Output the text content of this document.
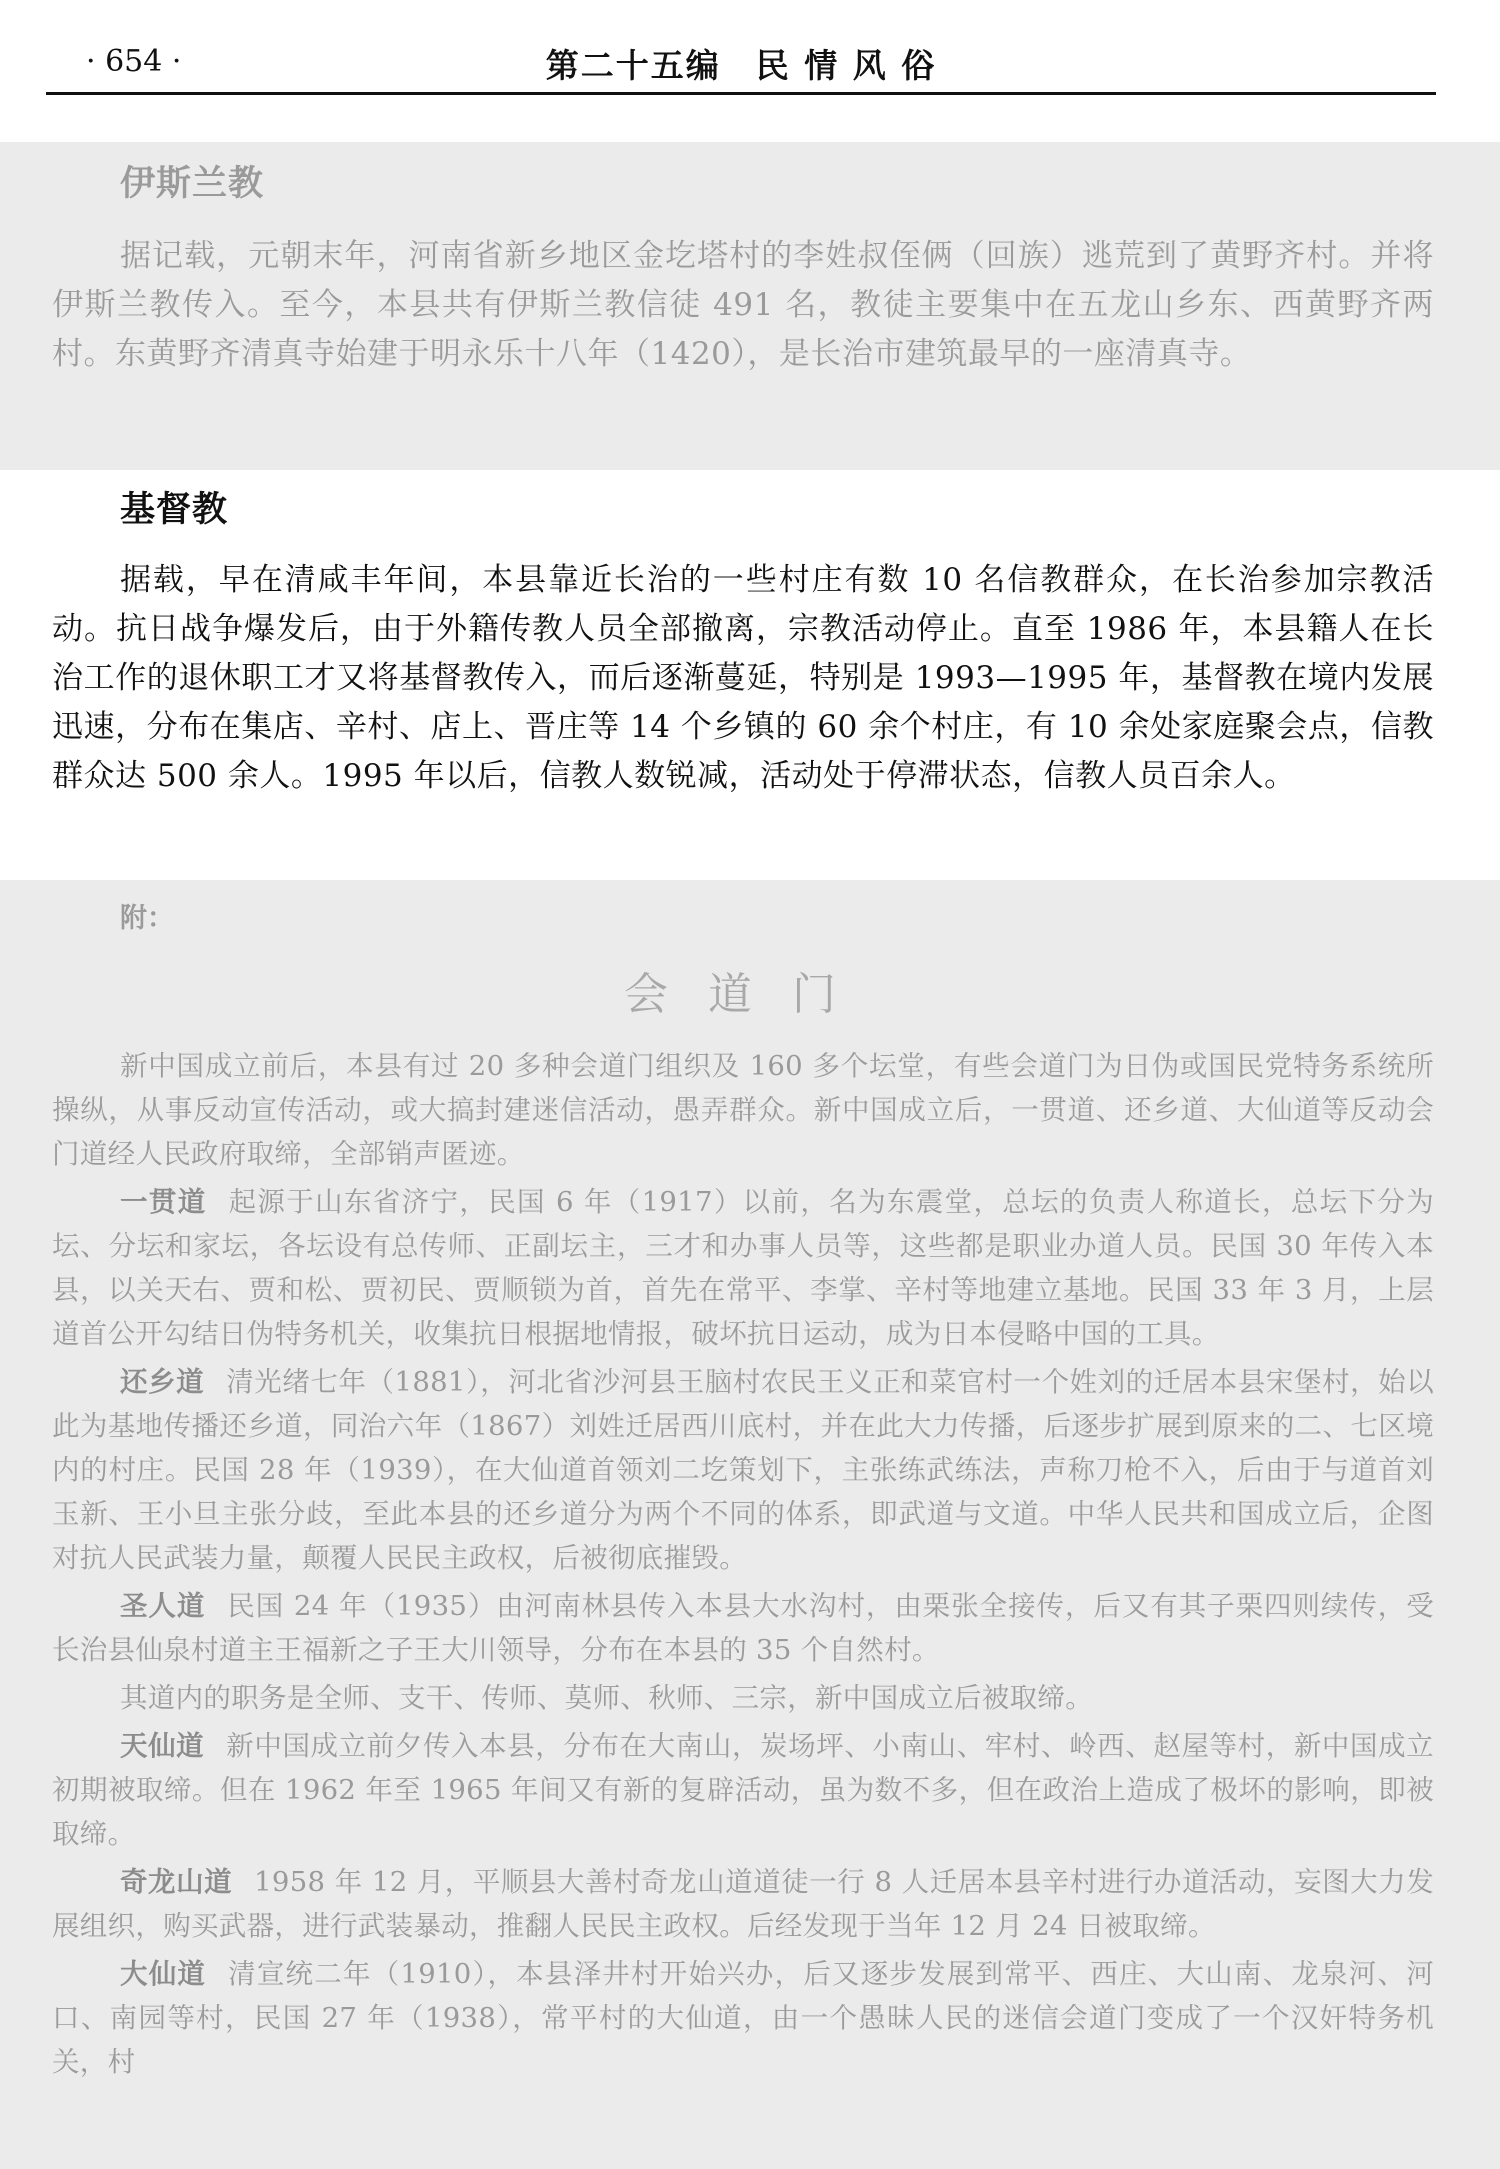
· 654 ·	第二十五编　民 情 风 俗
伊斯兰教

据记载，元朝末年，河南省新乡地区金圪塔村的李姓叔侄俩（回族）逃荒到了黄野齐村。并将伊斯兰教传入。至今，本县共有伊斯兰教信徒 491 名，教徒主要集中在五龙山乡东、西黄野齐两村。东黄野齐清真寺始建于明永乐十八年（1420），是长治市建筑最早的一座清真寺。

基督教

据载，早在清咸丰年间，本县靠近长治的一些村庄有数 10 名信教群众，在长治参加宗教活动。抗日战争爆发后，由于外籍传教人员全部撤离，宗教活动停止。直至 1986 年，本县籍人在长治工作的退休职工才又将基督教传入，而后逐渐蔓延，特别是 1993—1995 年，基督教在境内发展迅速，分布在集店、辛村、店上、晋庄等 14 个乡镇的 60 余个村庄，有 10 余处家庭聚会点，信教群众达 500 余人。1995 年以后，信教人数锐减，活动处于停滞状态，信教人员百余人。

附：
会道门

新中国成立前后，本县有过 20 多种会道门组织及 160 多个坛堂，有些会道门为日伪或国民党特务系统所操纵，从事反动宣传活动，或大搞封建迷信活动，愚弄群众。新中国成立后，一贯道、还乡道、大仙道等反动会门道经人民政府取缔，全部销声匿迹。

一贯道 起源于山东省济宁，民国 6 年（1917）以前，名为东震堂，总坛的负责人称道长，总坛下分为坛、分坛和家坛，各坛设有总传师、正副坛主，三才和办事人员等，这些都是职业办道人员。民国 30 年传入本县，以关天右、贾和松、贾初民、贾顺锁为首，首先在常平、李掌、辛村等地建立基地。民国 33 年 3 月，上层道首公开勾结日伪特务机关，收集抗日根据地情报，破坏抗日运动，成为日本侵略中国的工具。

还乡道 清光绪七年（1881），河北省沙河县王脑村农民王义正和菜官村一个姓刘的迁居本县宋堡村，始以此为基地传播还乡道，同治六年（1867）刘姓迁居西川底村，并在此大力传播，后逐步扩展到原来的二、七区境内的村庄。民国 28 年（1939），在大仙道首领刘二圪策划下，主张练武练法，声称刀枪不入，后由于与道首刘玉新、王小旦主张分歧，至此本县的还乡道分为两个不同的体系，即武道与文道。中华人民共和国成立后，企图对抗人民武装力量，颠覆人民民主政权，后被彻底摧毁。

圣人道 民国 24 年（1935）由河南林县传入本县大水沟村，由栗张全接传，后又有其子栗四则续传，受长治县仙泉村道主王福新之子王大川领导，分布在本县的 35 个自然村。

其道内的职务是全师、支干、传师、莫师、秋师、三宗，新中国成立后被取缔。

天仙道 新中国成立前夕传入本县，分布在大南山，炭场坪、小南山、牢村、岭西、赵屋等村，新中国成立初期被取缔。但在 1962 年至 1965 年间又有新的复辟活动，虽为数不多，但在政治上造成了极坏的影响，即被取缔。

奇龙山道 1958 年 12 月，平顺县大善村奇龙山道道徒一行 8 人迁居本县辛村进行办道活动，妄图大力发展组织，购买武器，进行武装暴动，推翻人民民主政权。后经发现于当年 12 月 24 日被取缔。

大仙道 清宣统二年（1910），本县泽井村开始兴办，后又逐步发展到常平、西庄、大山南、龙泉河、河口、南园等村，民国 27 年（1938），常平村的大仙道，由一个愚昧人民的迷信会道门变成了一个汉奸特务机关，村
